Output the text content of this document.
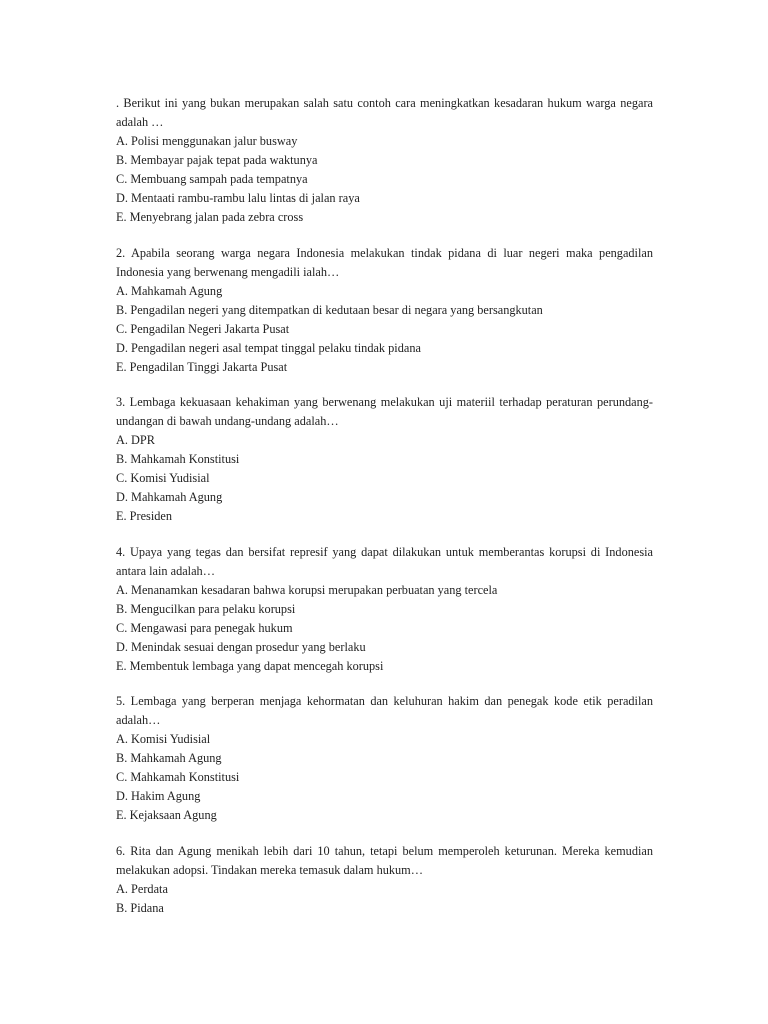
. Berikut ini yang bukan merupakan salah satu contoh cara meningkatkan kesadaran hukum warga negara adalah …

A. Polisi menggunakan jalur busway

B. Membayar pajak tepat pada waktunya

C. Membuang sampah pada tempatnya

D. Mentaati rambu-rambu lalu lintas di jalan raya

E. Menyebrang jalan pada zebra cross

2. Apabila seorang warga negara Indonesia melakukan tindak pidana di luar negeri maka pengadilan Indonesia yang berwenang mengadili ialah…

A. Mahkamah Agung

B. Pengadilan negeri yang ditempatkan di kedutaan besar di negara yang bersangkutan

C. Pengadilan Negeri Jakarta Pusat

D. Pengadilan negeri asal tempat tinggal pelaku tindak pidana

E. Pengadilan Tinggi Jakarta Pusat

3. Lembaga kekuasaan kehakiman yang berwenang melakukan uji materiil terhadap peraturan perundang-undangan di bawah undang-undang adalah…

A. DPR

B. Mahkamah Konstitusi

C. Komisi Yudisial

D. Mahkamah Agung

E. Presiden

4. Upaya yang tegas dan bersifat represif yang dapat dilakukan untuk memberantas korupsi di Indonesia antara lain adalah…

A. Menanamkan kesadaran bahwa korupsi merupakan perbuatan yang tercela

B. Mengucilkan para pelaku korupsi

C. Mengawasi para penegak hukum

D. Menindak sesuai dengan prosedur yang berlaku

E. Membentuk lembaga yang dapat mencegah korupsi

5. Lembaga yang berperan menjaga kehormatan dan keluhuran hakim dan penegak kode etik peradilan adalah…

A. Komisi Yudisial

B. Mahkamah Agung

C. Mahkamah Konstitusi

D. Hakim Agung

E. Kejaksaan Agung

6. Rita dan Agung menikah lebih dari 10 tahun, tetapi belum memperoleh keturunan. Mereka kemudian melakukan adopsi. Tindakan mereka temasuk dalam hukum…

A. Perdata

B. Pidana
